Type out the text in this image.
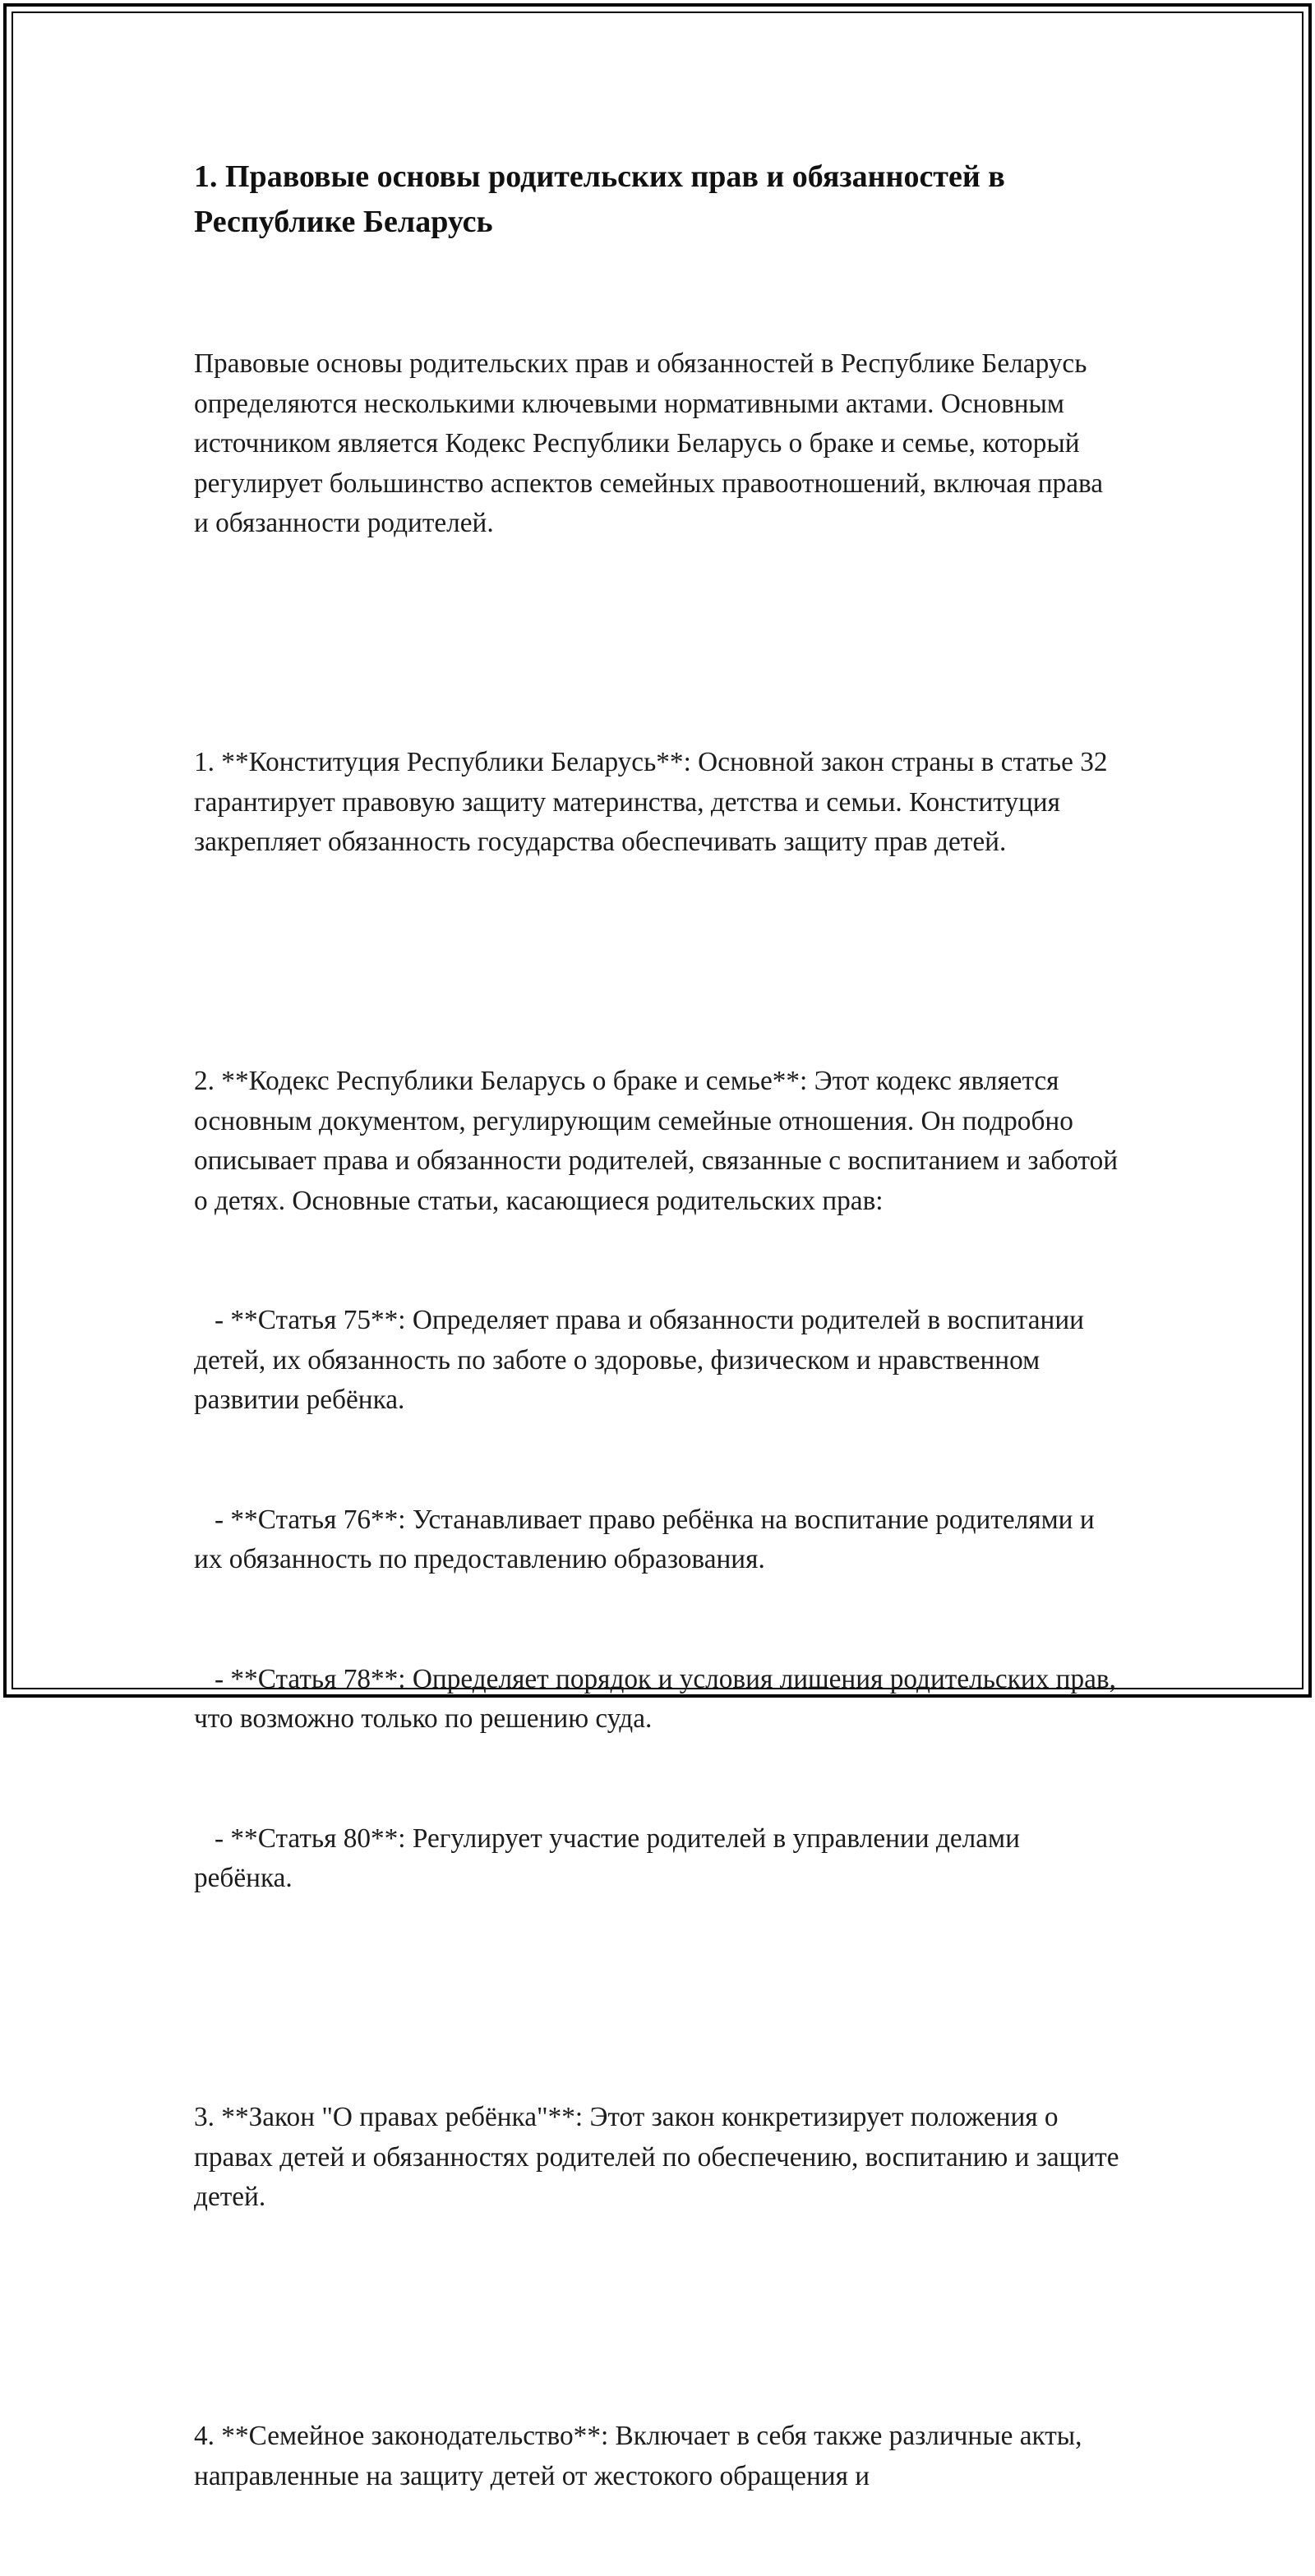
1. Правовые основы родительских прав и обязанностей в Республике Беларусь

Правовые основы родительских прав и обязанностей в Республике Беларусь определяются несколькими ключевыми нормативными актами. Основным источником является Кодекс Республики Беларусь о браке и семье, который регулирует большинство аспектов семейных правоотношений, включая права и обязанности родителей.

1. **Конституция Республики Беларусь**: Основной закон страны в статье 32 гарантирует правовую защиту материнства, детства и семьи. Конституция закрепляет обязанность государства обеспечивать защиту прав детей.

2. **Кодекс Республики Беларусь о браке и семье**: Этот кодекс является основным документом, регулирующим семейные отношения. Он подробно описывает права и обязанности родителей, связанные с воспитанием и заботой о детях. Основные статьи, касающиеся родительских прав:

- **Статья 75**: Определяет права и обязанности родителей в воспитании детей, их обязанность по заботе о здоровье, физическом и нравственном развитии ребёнка.

- **Статья 76**: Устанавливает право ребёнка на воспитание родителями и их обязанность по предоставлению образования.

- **Статья 78**: Определяет порядок и условия лишения родительских прав, что возможно только по решению суда.

- **Статья 80**: Регулирует участие родителей в управлении делами ребёнка.

3. **Закон "О правах ребёнка"**: Этот закон конкретизирует положения о правах детей и обязанностях родителей по обеспечению, воспитанию и защите детей.

4. **Семейное законодательство**: Включает в себя также различные акты, направленные на защиту детей от жестокого обращения и
